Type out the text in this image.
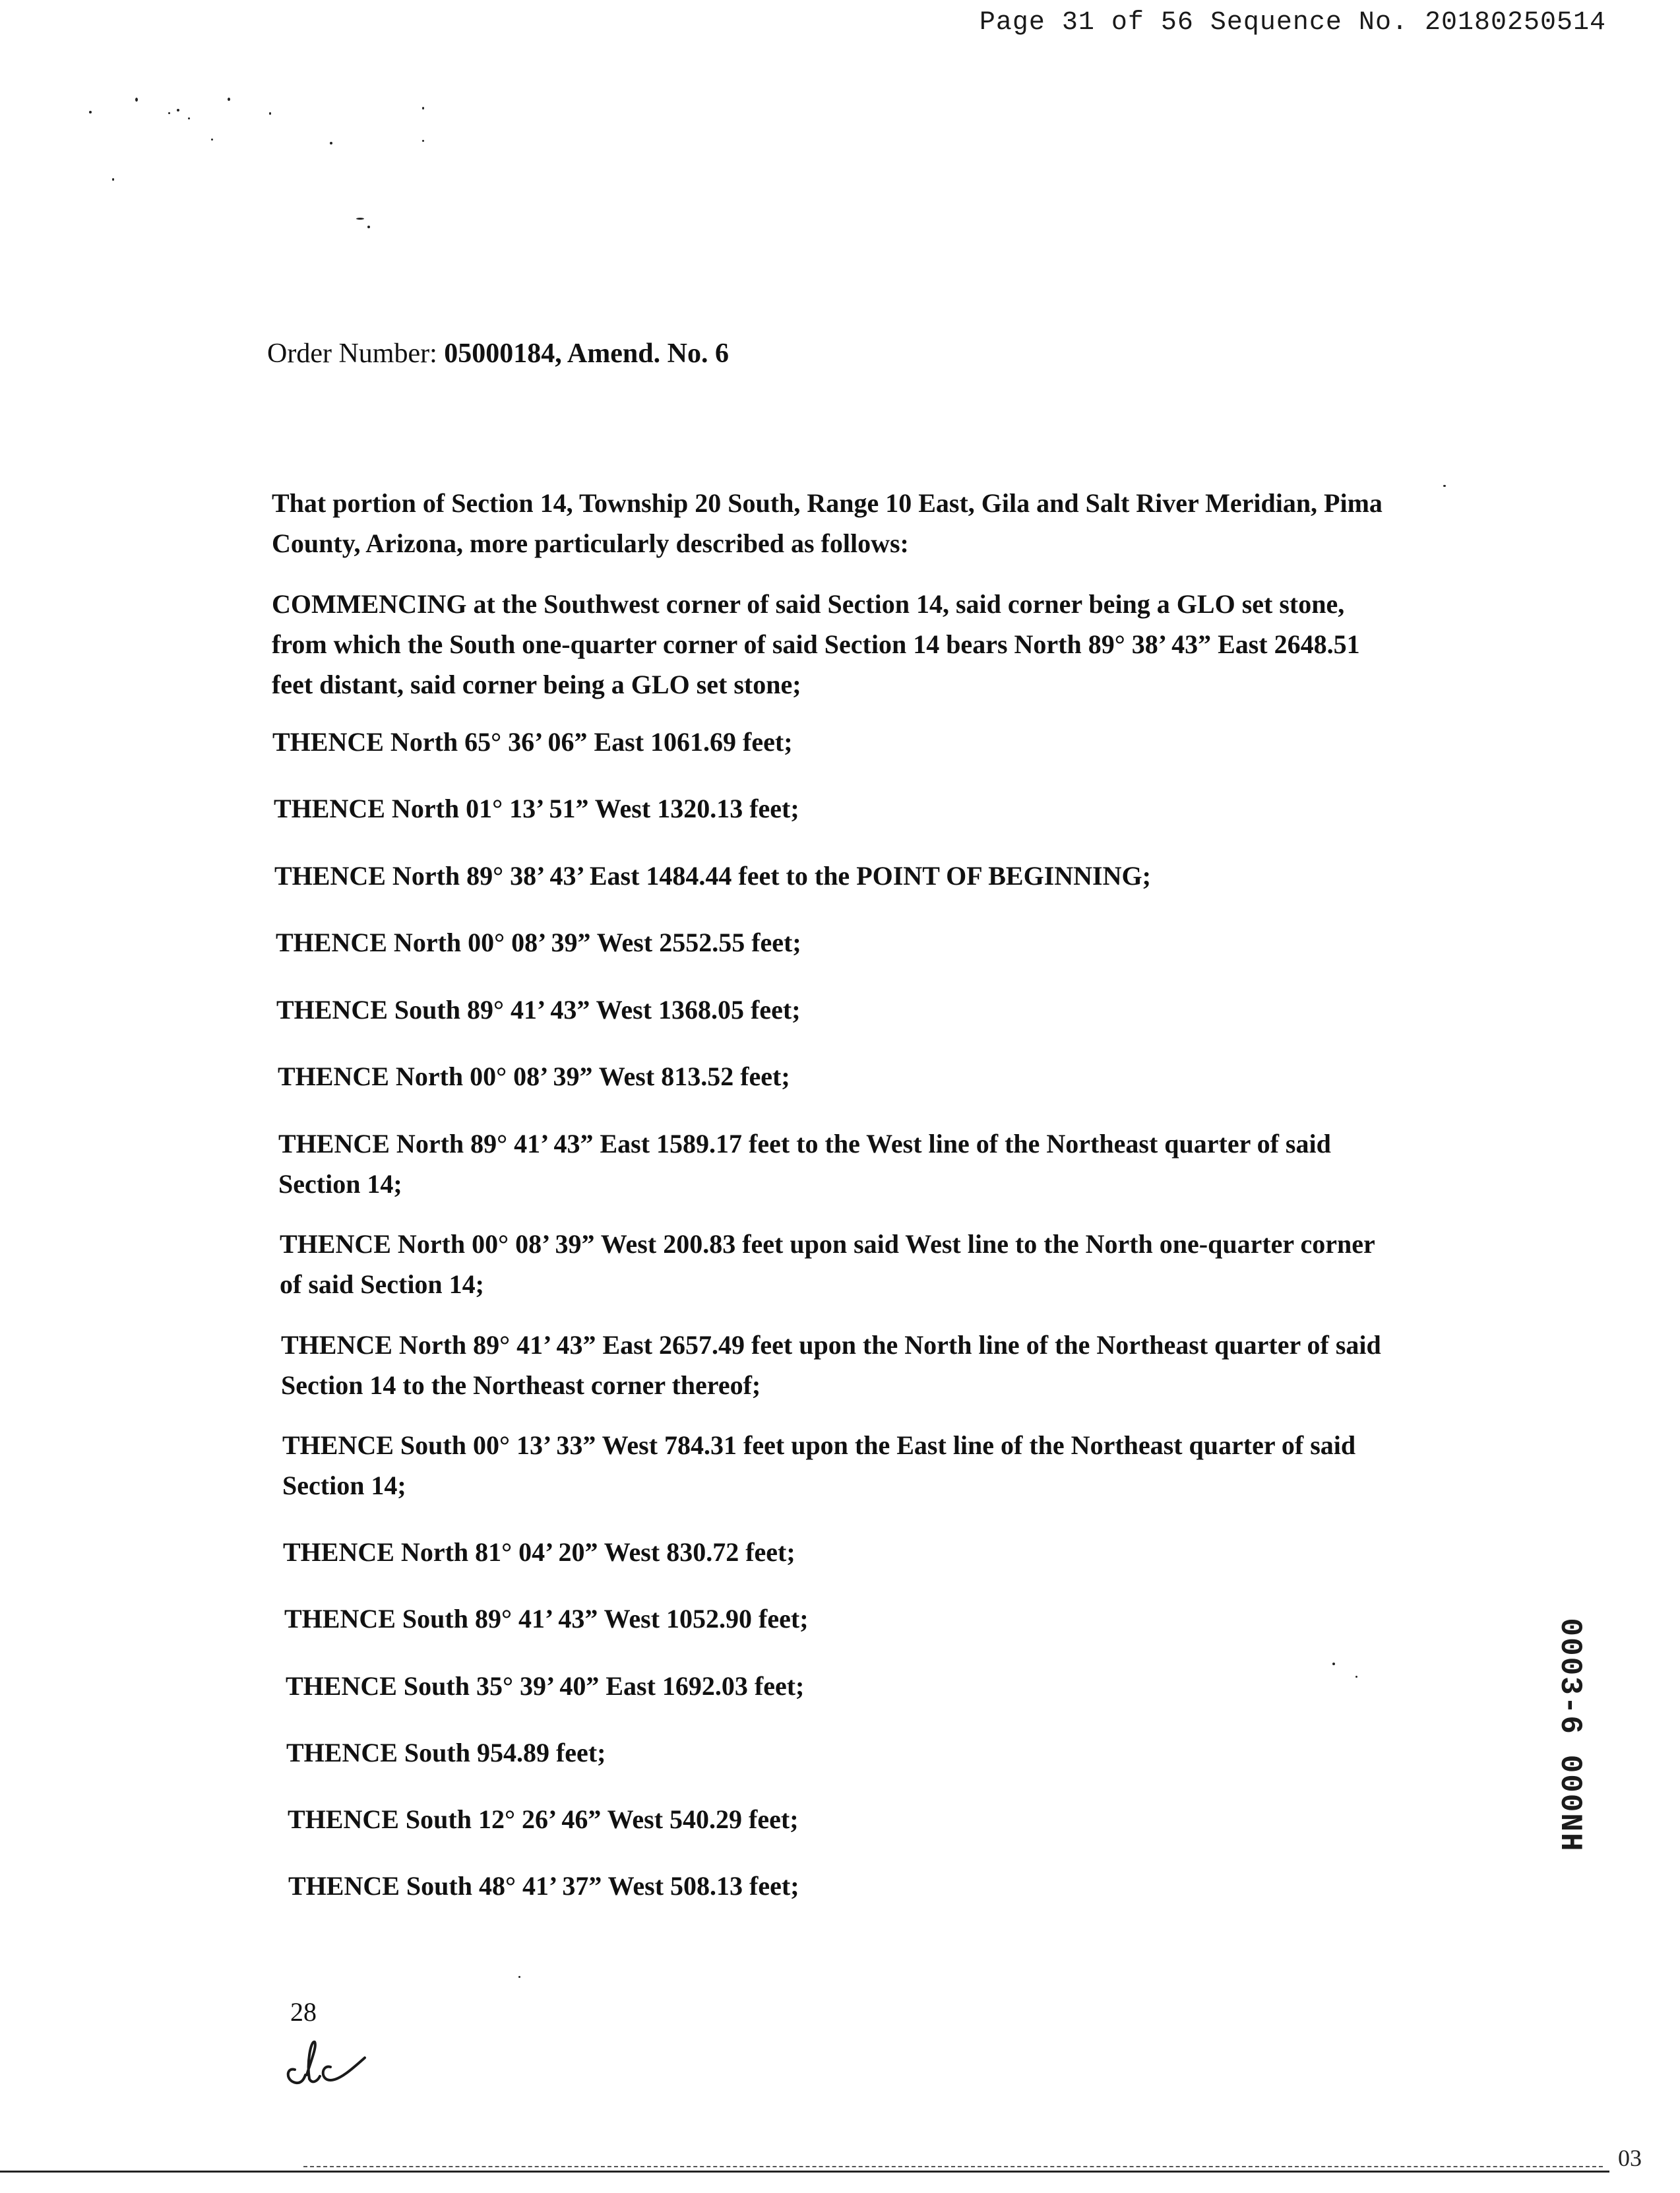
Page 31 of 56 Sequence No. 20180250514
Order Number: 05000184, Amend. No. 6
That portion of Section 14, Township 20 South, Range 10 East, Gila and Salt River Meridian, Pima
County, Arizona, more particularly described as follows:
COMMENCING at the Southwest corner of said Section 14, said corner being a GLO set stone,
from which the South one-quarter corner of said Section 14 bears North 89° 38’ 43” East 2648.51
feet distant, said corner being a GLO set stone;
THENCE North 65° 36’ 06” East 1061.69 feet;
THENCE North 01° 13’ 51” West 1320.13 feet;
THENCE North 89° 38’ 43’ East 1484.44 feet to the POINT OF BEGINNING;
THENCE North 00° 08’ 39” West 2552.55 feet;
THENCE South 89° 41’ 43” West 1368.05 feet;
THENCE North 00° 08’ 39” West 813.52 feet;
THENCE North 89° 41’ 43” East 1589.17 feet to the West line of the Northeast quarter of said
Section 14;
THENCE North 00° 08’ 39” West 200.83 feet upon said West line to the North one-quarter corner
of said Section 14;
THENCE North 89° 41’ 43” East 2657.49 feet upon the North line of the Northeast quarter of said
Section 14 to the Northeast corner thereof;
THENCE South 00° 13’ 33” West 784.31 feet upon the East line of the Northeast quarter of said
Section 14;
THENCE North 81° 04’ 20” West 830.72 feet;
THENCE South 89° 41’ 43” West 1052.90 feet;
THENCE South 35° 39’ 40” East 1692.03 feet;
THENCE South 954.89 feet;
THENCE South 12° 26’ 46” West 540.29 feet;
THENCE South 48° 41’ 37” West 508.13 feet;
0003-6 000NH
28
03
